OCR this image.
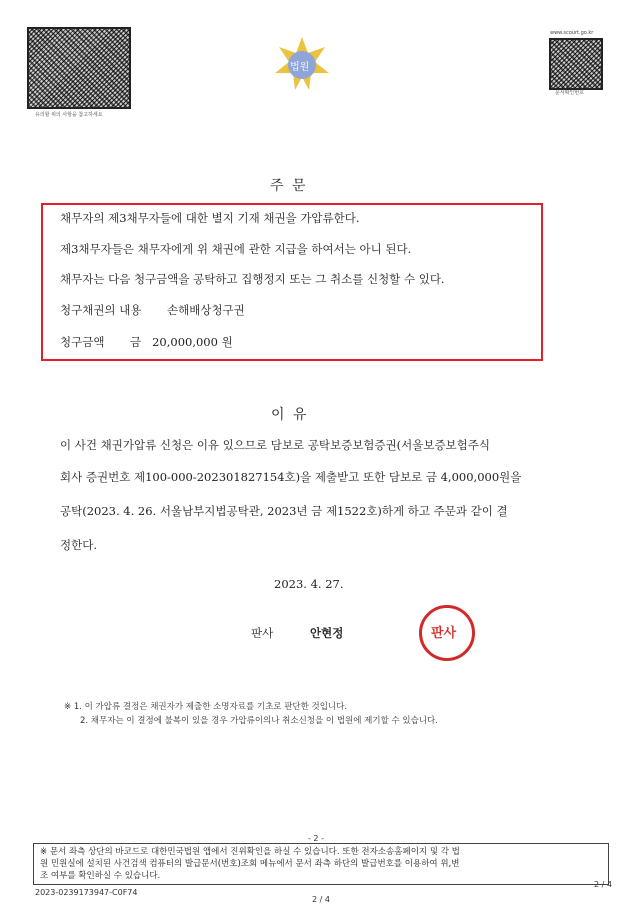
유의할 위의 사항을 참고하세요
법원
www.scourt.go.kr
문서확인번호
주 문
채무자의 제3채무자들에 대한 별지 기재 채권을 가압류한다.
제3채무자들은 채무자에게 위 채권에 관한 지급을 하여서는 아니 된다.
채무자는 다음 청구금액을 공탁하고 집행정지 또는 그 취소를 신청할 수 있다.
청구채권의 내용       손해배상청구권
청구금액       금   20,000,000 원
이 유
이 사건 채권가압류 신청은 이유 있으므로 담보로 공탁보증보험증권(서울보증보험주식
회사 증권번호 제100-000-202301827154호)을 제출받고 또한 담보로 금 4,000,000원을
공탁(2023. 4. 26. 서울남부지법공탁관, 2023년 금 제1522호)하게 하고 주문과 같이 결
정한다.
2023. 4. 27.
판사	안현정	판사
※ 1. 이 가압류 결정은 채권자가 제출한 소명자료를 기초로 판단한 것입니다.
2. 채무자는 이 결정에 불복이 있을 경우 가압류이의나 취소신청을 이 법원에 제기할 수 있습니다.
- 2 -
※ 문서 좌측 상단의 바코드로 대한민국법원 앱에서 진위확인을 하실 수 있습니다. 또한 전자소송홈페이지 및 각 법
원 민원실에 설치된 사건검색 컴퓨터의 발급문서(번호)조회 메뉴에서 문서 좌측 하단의 발급번호를 이용하여 위,변
조 여부를 확인하실 수 있습니다.
2023-0239173947-C0F74
2 / 4
2 / 4
